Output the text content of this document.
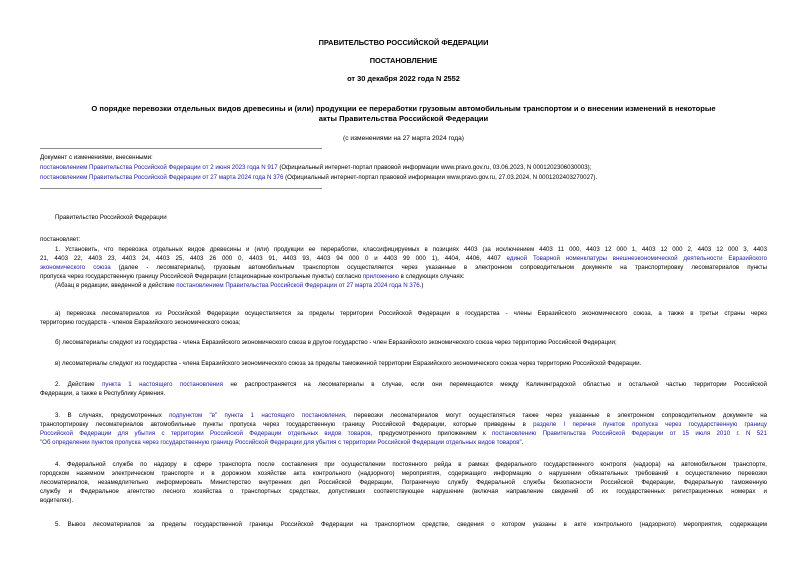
ПРАВИТЕЛЬСТВО РОССИЙСКОЙ ФЕДЕРАЦИИ
ПОСТАНОВЛЕНИЕ
от 30 декабря 2022 года N 2552
О порядке перевозки отдельных видов древесины и (или) продукции ее переработки грузовым автомобильным транспортом и о внесении изменений в некоторые
акты Правительства Российской Федерации
(с изменениями на 27 марта 2024 года)
Документ с изменениями, внесенными:
постановлением Правительства Российской Федерации от 2 июня 2023 года N 917 (Официальный интернет-портал правовой информации www.pravo.gov.ru, 03.06.2023, N 0001202306030003);
постановлением Правительства Российской Федерации от 27 марта 2024 года N 376 (Официальный интернет-портал правовой информации www.pravo.gov.ru, 27.03.2024, N 0001202403270027).
Правительство Российской Федерации
постановляет:
1. Установить, что перевозка отдельных видов древесины и (или) продукции ее переработки, классифицируемых в позициях 4403 (за исключением 4403 11 000, 4403 12 000 1, 4403 12 000 2, 4403 12 000 3, 4403
21, 4403 22, 4403 23, 4403 24, 4403 25, 4403 26 000 0, 4403 91, 4403 93, 4403 94 000 0 и 4403 99 000 1), 4404, 4406, 4407 единой Товарной номенклатуры внешнеэкономической деятельности Евразийского
экономического союза (далее - лесоматериалы), грузовым автомобильным транспортом осуществляется через указанные в электронном сопроводительном документе на транспортировку лесоматериалов пункты
пропуска через государственную границу Российской Федерации (стационарные контрольные пункты) согласно приложению в следующих случаях:
(Абзац в редакции, введенной в действие постановлением Правительства Российской Федерации от 27 марта 2024 года N 376.)
а) перевозка лесоматериалов из Российской Федерации осуществляется за пределы территории Российской Федерации в государства - члены Евразийского экономического союза, а также в третьи страны через
территорию государств - членов Евразийского экономического союза;
б) лесоматериалы следуют из государства - члена Евразийского экономического союза в другое государство - член Евразийского экономического союза через территорию Российской Федерации;
в) лесоматериалы следуют из государства - члена Евразийского экономического союза за пределы таможенной территории Евразийского экономического союза через территорию Российской Федерации.
2. Действие пункта 1 настоящего постановления не распространяется на лесоматериалы в случае, если они перемещаются между Калининградской областью и остальной частью территории Российской
Федерации, а также в Республику Армения.
3. В случаях, предусмотренных подпунктом "в" пункта 1 настоящего постановления, перевозки лесоматериалов могут осуществляться также через указанные в электронном сопроводительном документе на
транспортировку лесоматериалов автомобильные пункты пропуска через государственную границу Российской Федерации, которые приведены в разделе I перечня пунктов пропуска через государственную границу
Российской Федерации для убытия с территории Российской Федерации отдельных видов товаров, предусмотренного приложением к постановлению Правительства Российской Федерации от 15 июля 2010 г. N 521
"Об определении пунктов пропуска через государственную границу Российской Федерации для убытия с территории Российской Федерации отдельных видов товаров".
4. Федеральной службе по надзору в сфере транспорта после составления при осуществлении постоянного рейда в рамках федерального государственного контроля (надзора) на автомобильном транспорте,
городском наземном электрическом транспорте и в дорожном хозяйстве акта контрольного (надзорного) мероприятия, содержащего информацию о нарушении обязательных требований к осуществлению перевозки
лесоматериалов, незамедлительно информировать Министерство внутренних дел Российской Федерации, Пограничную службу Федеральной службы безопасности Российской Федерации, Федеральную таможенную
службу и Федеральное агентство лесного хозяйства о транспортных средствах, допустивших соответствующее нарушение (включая направление сведений об их государственных регистрационных номерах и
водителях).
5. Вывоз лесоматериалов за пределы государственной границы Российской Федерации на транспортном средстве, сведения о котором указаны в акте контрольного (надзорного) мероприятия, содержащем
